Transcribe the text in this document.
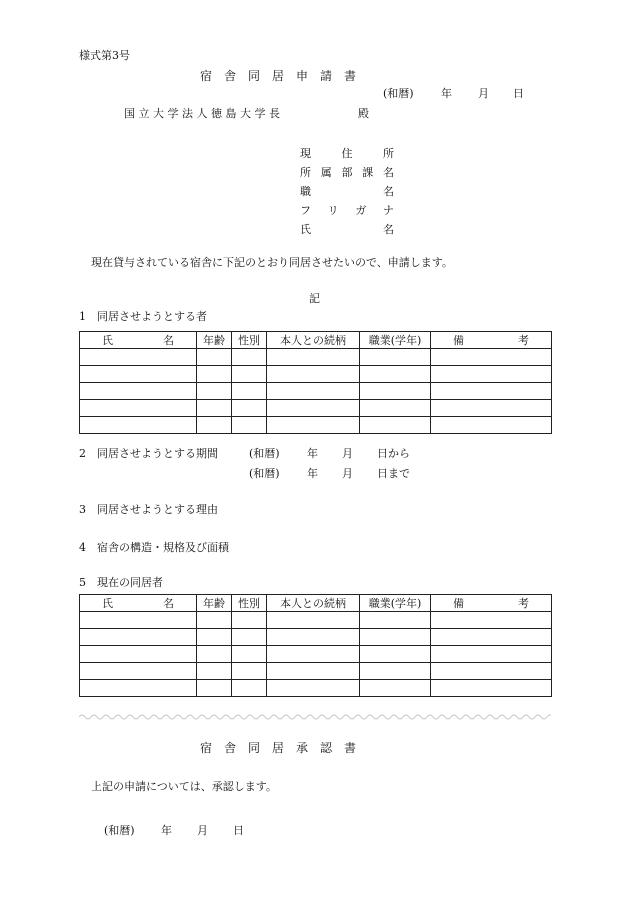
様式第3号
宿　舎　同　居　申　請　書
(和暦) 年 月 日
国立大学法人徳島大学長	殿
現	住	所
所 属 部 課 名
職	名
フ リ ガ ナ
氏	名
現在貸与されている宿舎に下記のとおり同居させたいので、申請します。
記
1　同居させようとする者
氏 名	年齢	性別	本人との続柄	職業(学年)	備 考

2　同居させようとする期間	(和暦) 年 月 日から
(和暦) 年 月 日まで
3　同居させようとする理由
4　宿舎の構造・規格及び面積
5　現在の同居者
氏 名	年齢	性別	本人との続柄	職業(学年)	備 考

宿　舎　同　居　承　認　書
上記の申請については、承認します。
(和暦) 年 月 日
